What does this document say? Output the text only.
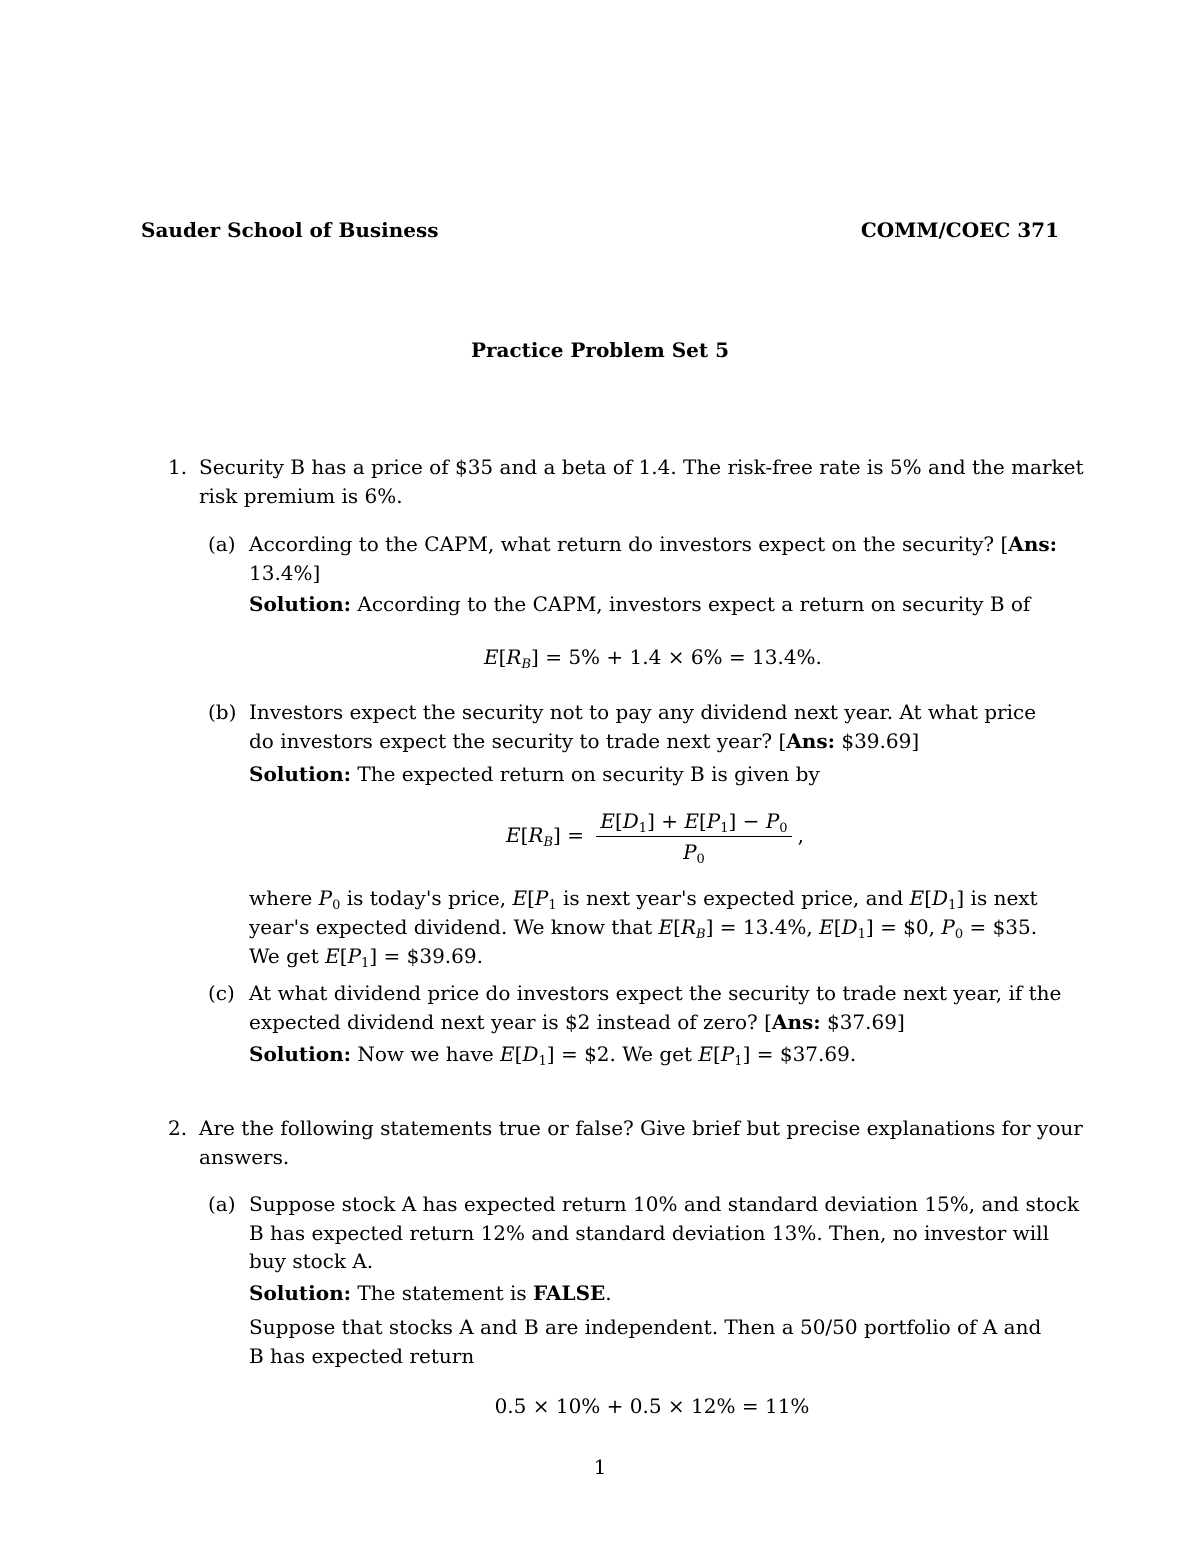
Sauder School of Business	COMM/COEC 371
Practice Problem Set 5
1. Security B has a price of $35 and a beta of 1.4. The risk-free rate is 5% and the market
risk premium is 6%.
(a) According to the CAPM, what return do investors expect on the security? [Ans:
13.4%]
Solution: According to the CAPM, investors expect a return on security B of
$E[R_B] = 5\% + 1.4 \times 6\% = 13.4\%$.
(b) Investors expect the security not to pay any dividend next year. At what price
do investors expect the security to trade next year? [Ans: $39.69]
Solution: The expected return on security B is given by
$E[R_B] = \frac{E[D_1] + E[P_1] - P_0}{P_0}$ ,
where $P_0$ is today's price, $E[P_1$ is next year's expected price, and $E[D_1]$ is next
year's expected dividend. We know that $E[R_B] = 13.4\%$, $E[D_1]$ = $0, $P_0$ = $35.
We get $E[P_1]$ = $39.69.
(c) At what dividend price do investors expect the security to trade next year, if the
expected dividend next year is $2 instead of zero? [Ans: $37.69]
Solution: Now we have $E[D_1]$ = $2. We get $E[P_1]$ = $37.69.
2. Are the following statements true or false? Give brief but precise explanations for your
answers.
(a) Suppose stock A has expected return 10% and standard deviation 15%, and stock
B has expected return 12% and standard deviation 13%. Then, no investor will
buy stock A.
Solution: The statement is FALSE.
Suppose that stocks A and B are independent. Then a 50/50 portfolio of A and
B has expected return
0.5 × 10% + 0.5 × 12% = 11%
1
